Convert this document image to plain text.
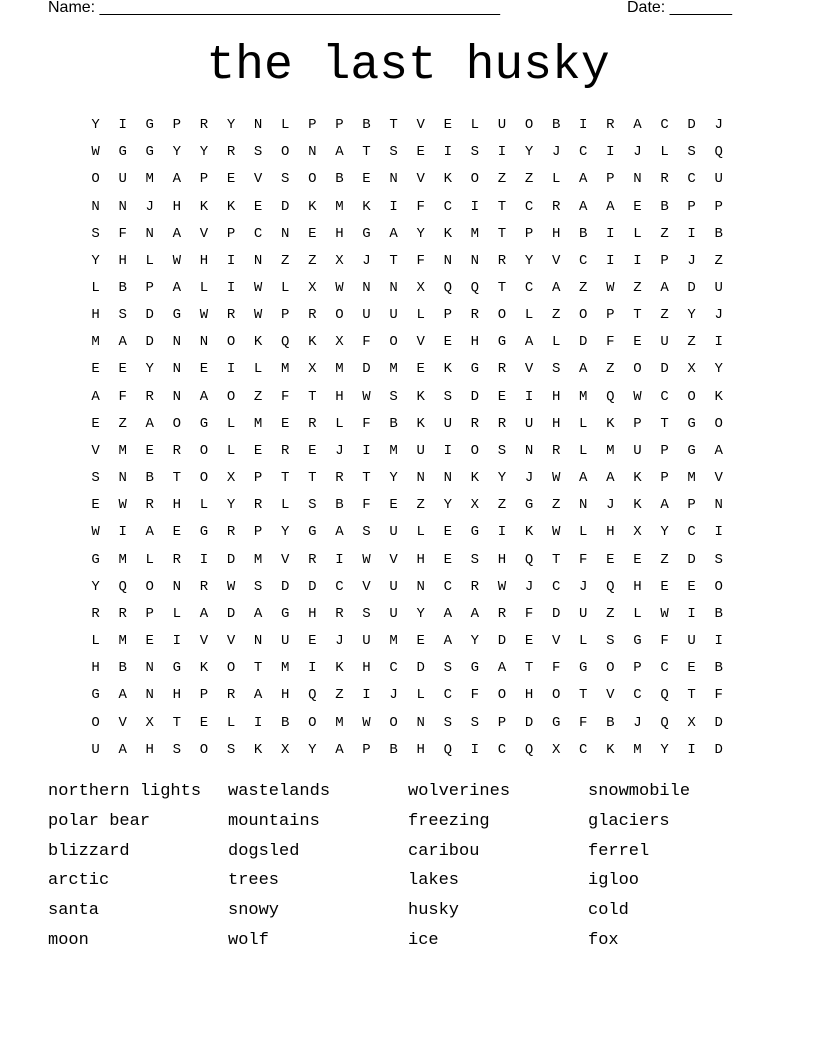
Name: _____________________________________________	Date: _______
the last husky
Y	I	G	P	R	Y	N	L	P	P	B	T	V	E	L	U	O	B	I	R	A	C	D	J
W	G	G	Y	Y	R	S	O	N	A	T	S	E	I	S	I	Y	J	C	I	J	L	S	Q
O	U	M	A	P	E	V	S	O	B	E	N	V	K	O	Z	Z	L	A	P	N	R	C	U
N	N	J	H	K	K	E	D	K	M	K	I	F	C	I	T	C	R	A	A	E	B	P	P
S	F	N	A	V	P	C	N	E	H	G	A	Y	K	M	T	P	H	B	I	L	Z	I	B
Y	H	L	W	H	I	N	Z	Z	X	J	T	F	N	N	R	Y	V	C	I	I	P	J	Z
L	B	P	A	L	I	W	L	X	W	N	N	X	Q	Q	T	C	A	Z	W	Z	A	D	U
H	S	D	G	W	R	W	P	R	O	U	U	L	P	R	O	L	Z	O	P	T	Z	Y	J
M	A	D	N	N	O	K	Q	K	X	F	O	V	E	H	G	A	L	D	F	E	U	Z	I
E	E	Y	N	E	I	L	M	X	M	D	M	E	K	G	R	V	S	A	Z	O	D	X	Y
A	F	R	N	A	O	Z	F	T	H	W	S	K	S	D	E	I	H	M	Q	W	C	O	K
E	Z	A	O	G	L	M	E	R	L	F	B	K	U	R	R	U	H	L	K	P	T	G	O
V	M	E	R	O	L	E	R	E	J	I	M	U	I	O	S	N	R	L	M	U	P	G	A
S	N	B	T	O	X	P	T	T	R	T	Y	N	N	K	Y	J	W	A	A	K	P	M	V
E	W	R	H	L	Y	R	L	S	B	F	E	Z	Y	X	Z	G	Z	N	J	K	A	P	N
W	I	A	E	G	R	P	Y	G	A	S	U	L	E	G	I	K	W	L	H	X	Y	C	I
G	M	L	R	I	D	M	V	R	I	W	V	H	E	S	H	Q	T	F	E	E	Z	D	S
Y	Q	O	N	R	W	S	D	D	C	V	U	N	C	R	W	J	C	J	Q	H	E	E	O
R	R	P	L	A	D	A	G	H	R	S	U	Y	A	A	R	F	D	U	Z	L	W	I	B
L	M	E	I	V	V	N	U	E	J	U	M	E	A	Y	D	E	V	L	S	G	F	U	I
H	B	N	G	K	O	T	M	I	K	H	C	D	S	G	A	T	F	G	O	P	C	E	B
G	A	N	H	P	R	A	H	Q	Z	I	J	L	C	F	O	H	O	T	V	C	Q	T	F
O	V	X	T	E	L	I	B	O	M	W	O	N	S	S	P	D	G	F	B	J	Q	X	D
U	A	H	S	O	S	K	X	Y	A	P	B	H	Q	I	C	Q	X	C	K	M	Y	I	D
northern lights	wastelands	wolverines	snowmobile
polar bear	mountains	freezing	glaciers
blizzard	dogsled	caribou	ferrel
arctic	trees	lakes	igloo
santa	snowy	husky	cold
moon	wolf	ice	fox
